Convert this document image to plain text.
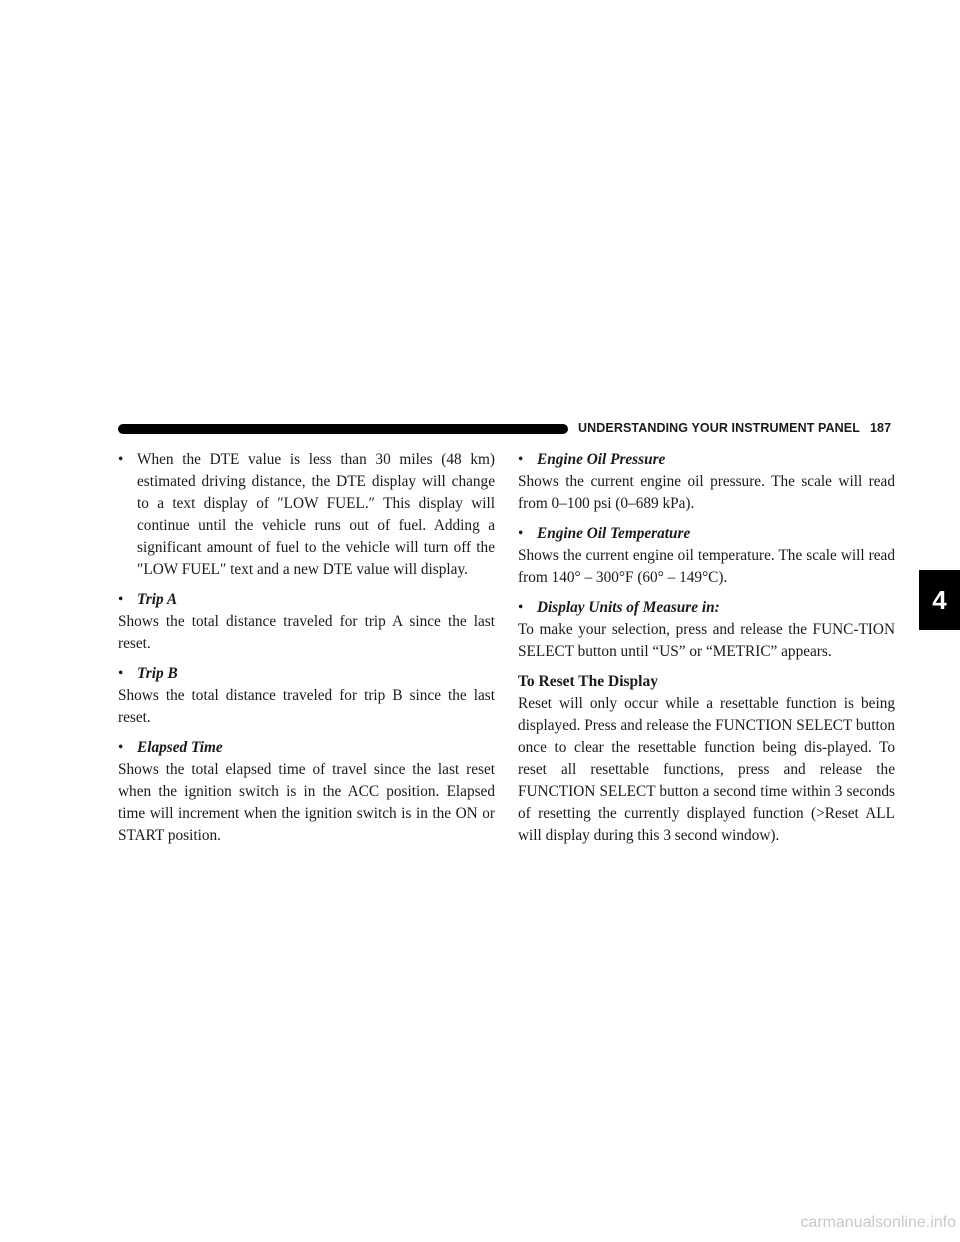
UNDERSTANDING YOUR INSTRUMENT PANEL 187
4
• When the DTE value is less than 30 miles (48 km) estimated driving distance, the DTE display will change to a text display of ″LOW FUEL.″ This display will continue until the vehicle runs out of fuel. Adding a significant amount of fuel to the vehicle will turn off the ″LOW FUEL″ text and a new DTE value will display.

• Trip A

Shows the total distance traveled for trip A since the last reset.

• Trip B

Shows the total distance traveled for trip B since the last reset.

• Elapsed Time

Shows the total elapsed time of travel since the last reset when the ignition switch is in the ACC position. Elapsed time will increment when the ignition switch is in the ON or START position.

• Engine Oil Pressure

Shows the current engine oil pressure. The scale will read from 0–100 psi (0–689 kPa).

• Engine Oil Temperature

Shows the current engine oil temperature. The scale will read from 140° – 300°F (60° – 149°C).

• Display Units of Measure in:

To make your selection, press and release the FUNC-TION SELECT button until “US” or “METRIC” appears.

To Reset The Display

Reset will only occur while a resettable function is being displayed. Press and release the FUNCTION SELECT button once to clear the resettable function being dis-played. To reset all resettable functions, press and release the FUNCTION SELECT button a second time within 3 seconds of resetting the currently displayed function (>Reset ALL will display during this 3 second window).

carmanualsonline.info
